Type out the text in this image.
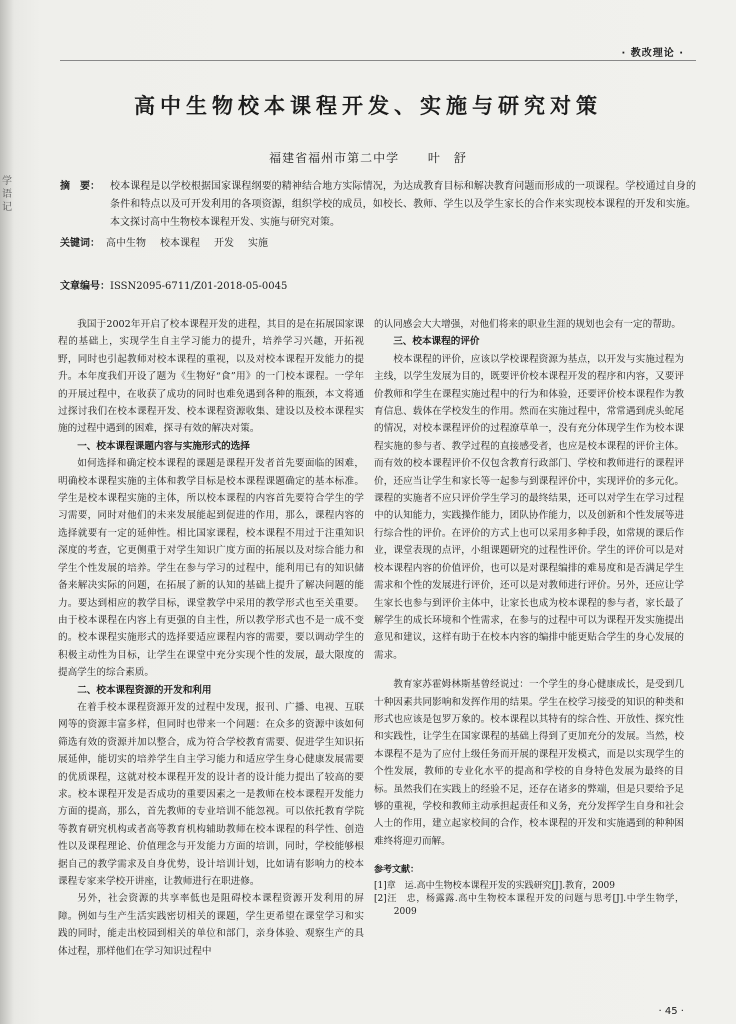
学
语
记
· 教改理论 ·
高中生物校本课程开发、实施与研究对策
福建省福州市第二中学 叶　舒
摘　要：	校本课程是以学校根据国家课程纲要的精神结合地方实际情况，为达成教育目标和解决教育问题而形成的一项课程。学校通过自身的条件和特点以及可开发利用的各项资源，组织学校的成员，如校长、教师、学生以及学生家长的合作来实现校本课程的开发和实施。本文探讨高中生物校本课程开发、实施与研究对策。
关键词： 高中生物 校本课程 开发 实施
文章编号：ISSN2095-6711/Z01-2018-05-0045

我国于2002年开启了校本课程开发的进程，其目的是在拓展国家课程的基础上，实现学生自主学习能力的提升，培养学习兴趣，开拓视野，同时也引起教师对校本课程的重视，以及对校本课程开发能力的提升。本年度我们开设了题为《生物好“食”用》的一门校本课程。一学年的开展过程中，在收获了成功的同时也难免遇到各种的瓶颈，本文将通过探讨我们在校本课程开发、校本课程资源收集、建设以及校本课程实施的过程中遇到的困难，探寻有效的解决对策。

一、校本课程课题内容与实施形式的选择

如何选择和确定校本课程的课题是课程开发者首先要面临的困难，明确校本课程实施的主体和教学目标是校本课程课题确定的基本标准。学生是校本课程实施的主体，所以校本课程的内容首先要符合学生的学习需要，同时对他们的未来发展能起到促进的作用，那么，课程内容的选择就要有一定的延伸性。相比国家课程，校本课程不用过于注重知识深度的考查，它更侧重于对学生知识广度方面的拓展以及对综合能力和学生个性发展的培养。学生在参与学习的过程中，能利用已有的知识储备来解决实际的问题，在拓展了新的认知的基础上提升了解决问题的能力。要达到相应的教学目标，课堂教学中采用的教学形式也至关重要。由于校本课程在内容上有更强的自主性，所以教学形式也不是一成不变的。校本课程实施形式的选择要适应课程内容的需要，要以调动学生的积极主动性为目标，让学生在课堂中充分实现个性的发展，最大限度的提高学生的综合素质。

二、校本课程资源的开发和利用

在着手校本课程资源开发的过程中发现，报刊、广播、电视、互联网等的资源丰富多样，但同时也带来一个问题：在众多的资源中该如何筛选有效的资源并加以整合，成为符合学校教育需要、促进学生知识拓展延伸，能切实的培养学生自主学习能力和适应学生身心健康发展需要的优质课程，这就对校本课程开发的设计者的设计能力提出了较高的要求。校本课程开发是否成功的重要因素之一是教师在校本课程开发能力方面的提高，那么，首先教师的专业培训不能忽视。可以依托教育学院等教育研究机构或者高等教育机构辅助教师在校本课程的科学性、创造性以及课程理论、价值理念与开发能力方面的培训，同时，学校能够根据自己的教学需求及自身优势，设计培训计划，比如请有影响力的校本课程专家来学校开讲座，让教师进行在职进修。

另外，社会资源的共享率低也是阻碍校本课程资源开发利用的屏障。例如与生产生活实践密切相关的课题，学生更希望在课堂学习和实践的同时，能走出校园到相关的单位和部门，亲身体验、观察生产的具体过程，那样他们在学习知识过程中

的认同感会大大增强，对他们将来的职业生涯的规划也会有一定的帮助。

三、校本课程的评价

校本课程的评价，应该以学校课程资源为基点，以开发与实施过程为主线，以学生发展为目的，既要评价校本课程开发的程序和内容，又要评价教师和学生在课程实施过程中的行为和体验，还要评价校本课程作为教育信息、载体在学校发生的作用。然而在实施过程中，常常遇到虎头蛇尾的情况，对校本课程评价的过程潦草单一，没有充分体现学生作为校本课程实施的参与者、教学过程的直接感受者，也应是校本课程的评价主体。而有效的校本课程评价不仅包含教育行政部门、学校和教师进行的课程评价，还应当让学生和家长等一起参与到课程评价中，实现评价的多元化。课程的实施者不应只评价学生学习的最终结果，还可以对学生在学习过程中的认知能力，实践操作能力，团队协作能力，以及创新和个性发展等进行综合性的评价。在评价的方式上也可以采用多种手段，如常规的课后作业，课堂表现的点评，小组课题研究的过程性评价。学生的评价可以是对校本课程内容的价值评价，也可以是对课程编排的难易度和是否满足学生需求和个性的发展进行评价，还可以是对教师进行评价。另外，还应让学生家长也参与到评价主体中，让家长也成为校本课程的参与者，家长最了解学生的成长环境和个性需求，在参与的过程中可以为课程开发实施提出意见和建议，这样有助于在校本内容的编排中能更贴合学生的身心发展的需求。

教育家苏霍姆林斯基曾经说过：一个学生的身心健康成长，是受到几十种因素共同影响和发挥作用的结果。学生在校学习接受的知识的种类和形式也应该是包罗万象的。校本课程以其特有的综合性、开放性、探究性和实践性，让学生在国家课程的基础上得到了更加充分的发展。当然，校本课程不是为了应付上级任务而开展的课程开发模式，而是以实现学生的个性发展，教师的专业化水平的提高和学校的自身特色发展为最终的目标。虽然我们在实践上的经验不足，还存在诸多的弊端，但是只要给予足够的重视，学校和教师主动承担起责任和义务，充分发挥学生自身和社会人士的作用，建立起家校间的合作，校本课程的开发和实施遇到的种种困难终将迎刃而解。

参考文献：
[1]章　运.高中生物校本课程开发的实践研究[J].教育，2009
[2]汪　忠，杨露露.高中生物校本课程开发的问题与思考[J].中学生物学，2009
· 45 ·
